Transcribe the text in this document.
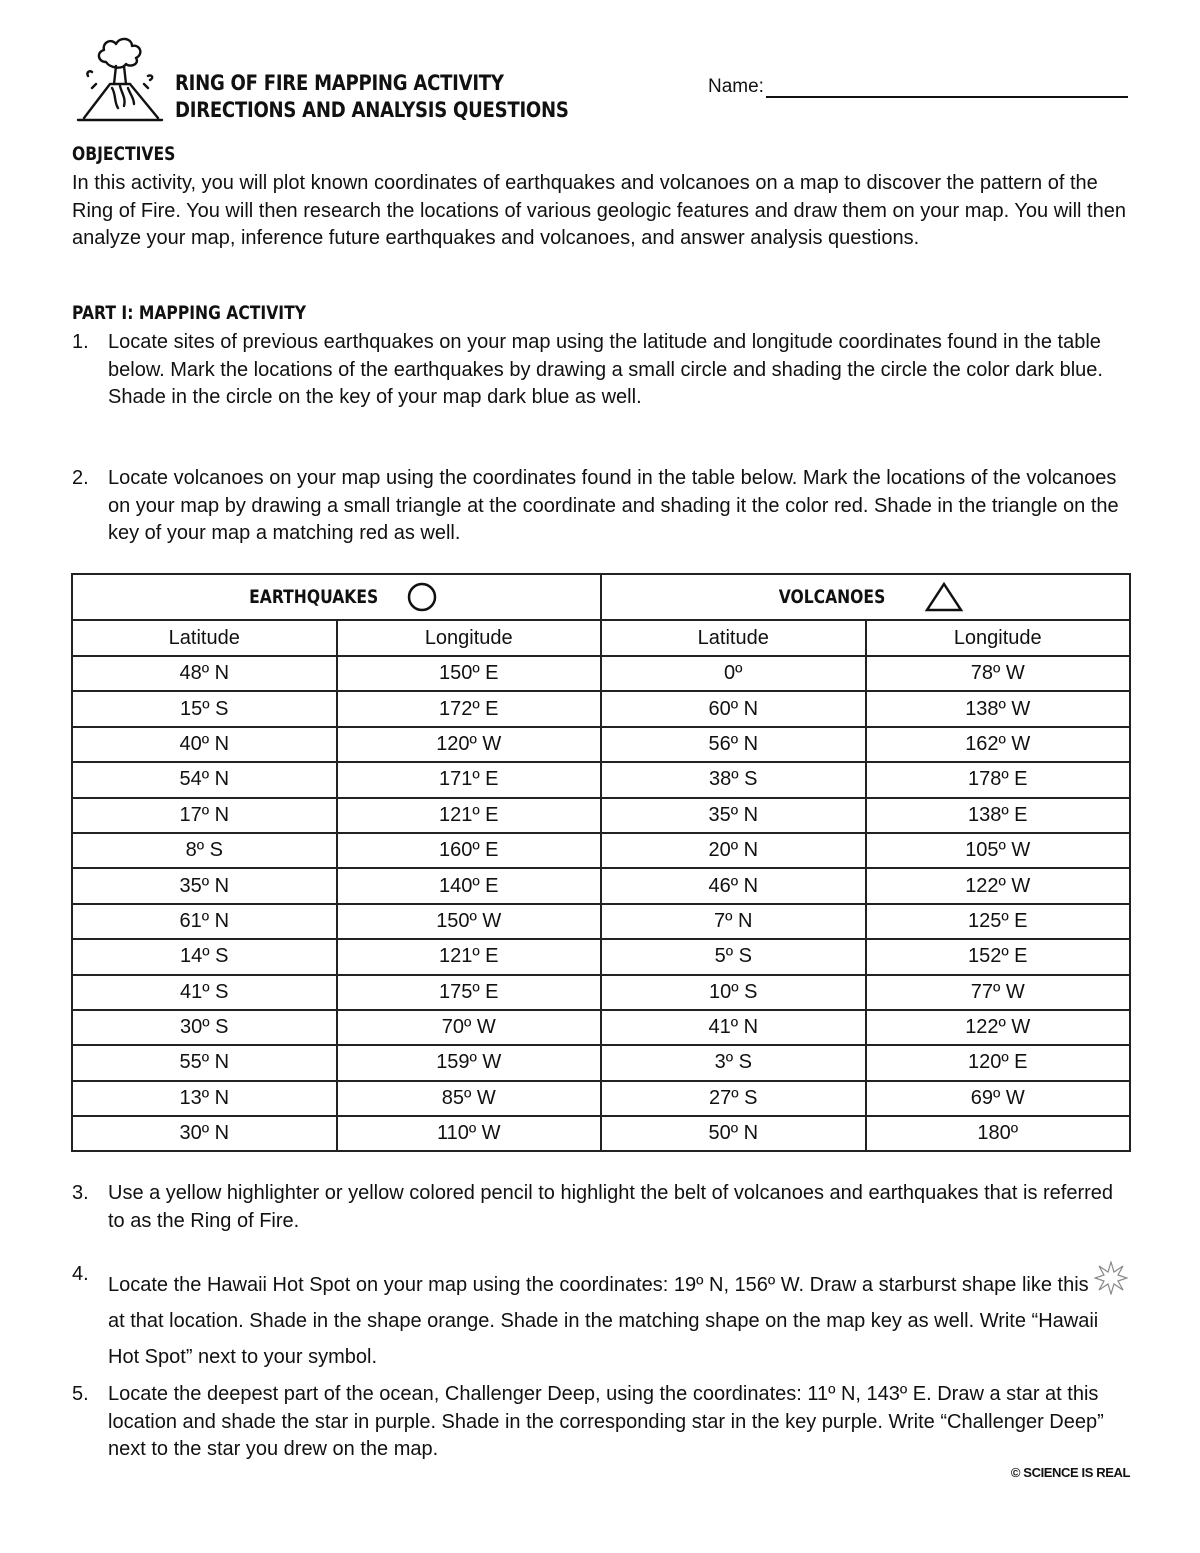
RING OF FIRE MAPPING ACTIVITY
DIRECTIONS AND ANALYSIS QUESTIONS
Name:
OBJECTIVES
In this activity, you will plot known coordinates of earthquakes and volcanoes on a map to discover the pattern of the Ring of Fire. You will then research the locations of various geologic features and draw them on your map. You will then analyze your map, inference future earthquakes and volcanoes, and answer analysis questions.
PART I: MAPPING ACTIVITY
1. Locate sites of previous earthquakes on your map using the latitude and longitude coordinates found in the table below. Mark the locations of the earthquakes by drawing a small circle and shading the circle the color dark blue. Shade in the circle on the key of your map dark blue as well.
2. Locate volcanoes on your map using the coordinates found in the table below. Mark the locations of the volcanoes on your map by drawing a small triangle at the coordinate and shading it the color red. Shade in the triangle on the key of your map a matching red as well.
EARTHQUAKES		VOLCANOES	
Latitude	Longitude	Latitude	Longitude
48º N	150º E	0º	78º W
15º S	172º E	60º N	138º W
40º N	120º W	56º N	162º W
54º N	171º E	38º S	178º E
17º N	121º E	35º N	138º E
8º S	160º E	20º N	105º W
35º N	140º E	46º N	122º W
61º N	150º W	7º N	125º E
14º S	121º E	5º S	152º E
41º S	175º E	10º S	77º W
30º S	70º W	41º N	122º W
55º N	159º W	3º S	120º E
13º N	85º W	27º S	69º W
30º N	110º W	50º N	180º
3. Use a yellow highlighter or yellow colored pencil to highlight the belt of volcanoes and earthquakes that is referred to as the Ring of Fire.
4. Locate the Hawaii Hot Spot on your map using the coordinates: 19º N, 156º W. Draw a starburst shape like this  at that location. Shade in the shape orange. Shade in the matching shape on the map key as well. Write “Hawaii Hot Spot” next to your symbol.
5. Locate the deepest part of the ocean, Challenger Deep, using the coordinates: 11º N, 143º E. Draw a star at this location and shade the star in purple. Shade in the corresponding star in the key purple. Write “Challenger Deep” next to the star you drew on the map.
© SCIENCE IS REAL
